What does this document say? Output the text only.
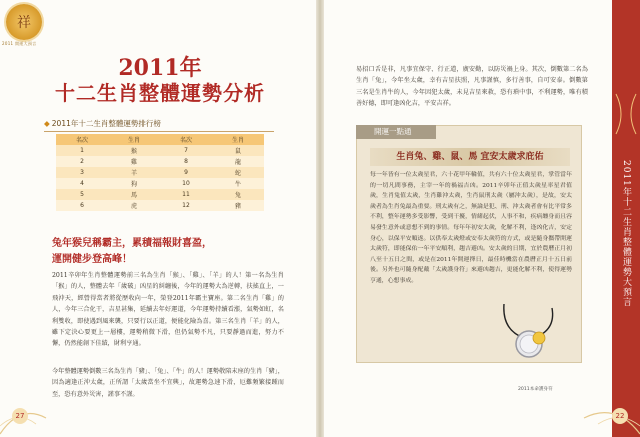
祥
2011 開運大預言
2011年
十二生肖整體運勢分析
◆ 2011年十二生肖整體運勢排行榜
名次	生肖	名次	生肖
1	猴	7	鼠
2	雞	8	龍
3	羊	9	蛇
4	狗	10	牛
5	馬	11	兔
6	虎	12	豬
兔年猴兒稱霸主，累積福報財喜盈，
運開健步登高峰！
2011辛卯年生肖整體運勢前三名為生肖「猴」、「雞」、「羊」的人！第一名為生肖「猴」的人，整體去年「歲破」凶星的糾纏後，今年的運勢大為逆轉，扶搖直上，一飛沖天，經營得當者將從歷收向一年，榮登2011年霸主寶座。第二名生肖「雞」的人，今年三合化干，吉星甚集，延續去年好運道，今年運勢持續看漲，氣勢如虹，名利雙收，即使遇到風來襲，只要行以正道，便能化險為喜。第三名生肖「羊」的人，雖下定決心要更上一層樓，運勢稍微下滑，但仍氣勢不凡，只要靜過而進，努力不懈，仍然能創下佳績，財利亨通。
今年整體運勢倒數三名為生肖「豬」、「兔」、「牛」的人！運勢敬陪末座的生肖「豬」，因為適逢正沖太歲，正所謂「太歲當坐不宜興」，故運勢急速下滑，厄難頻繁接踵而至，恐有意外災害，謹事不謹。
易招口舌是非，凡事宜保守、行正道，廣安勤，以防災禍上身。其次，倒數第二名為生肖「兔」，今年坐太歲，幸有吉星扶照，凡事謹慎，多行善事，自可安泰。倒數第三名是生肖牛的人，今年因犯太歲，未見吉星來救，恐有瑣中事，不利運勢，唯有積善好德，即可逢凶化吉，平安吉祥。
開運一點通
生肖兔、雞、鼠、馬 宜安太歲求庇佑
每一年皆有一位太歲星君，六十花甲年輪值，共有六十位太歲星君，掌管當年的一切凡間事務，主宰一年的禍福吉凶。2011辛卯年正值太歲星率星君值歲，生肖兔值太歲，生肖雞沖太歲，生肖鼠刑太歲（屬沖太歲），是故，安太歲者為生肖兔最為重要。刑太歲有之，無論是犯、刑、沖太歲者會有比平常多不利，整年運勢多受影響，受到干擾，情緒起伏，人事不和，疾病纏身而且容易發生意外或意想不到的事情。每年年初安太歲，化解不利，逢凶化吉，安定身心，以保平安順遂。以供奉太歲燈或安奉太歲符的方式，或是隨身攜帶開運太歲符，即能保佑一年平安順利，趨吉避凶。安太歲的日期，宜於農曆正月初八至十五日之間，或是在2011年開運擇日，最佳時機當在農曆正月十五日前後。另外也可隨身配戴「太歲護身符」來避凶趨吉，更能化解不利，使得運勢亨通，心想事成。
2011本命護身符
2011年十二生肖整體運勢大預言
27	22
